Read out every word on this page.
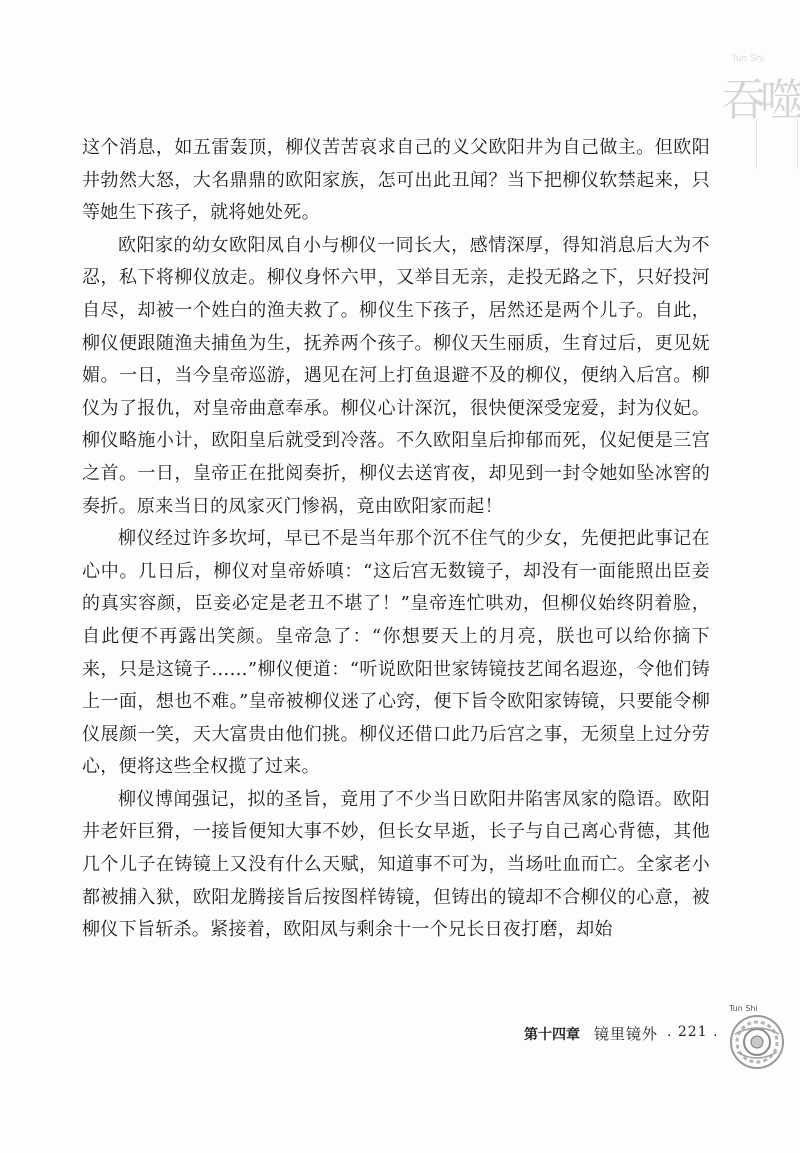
Tun Shi
吞噬

这个消息，如五雷轰顶，柳仪苦苦哀求自己的义父欧阳井为自己做主。但欧阳井勃然大怒，大名鼎鼎的欧阳家族，怎可出此丑闻？当下把柳仪软禁起来，只等她生下孩子，就将她处死。

欧阳家的幼女欧阳凤自小与柳仪一同长大，感情深厚，得知消息后大为不忍，私下将柳仪放走。柳仪身怀六甲，又举目无亲，走投无路之下，只好投河自尽，却被一个姓白的渔夫救了。柳仪生下孩子，居然还是两个儿子。自此，柳仪便跟随渔夫捕鱼为生，抚养两个孩子。柳仪天生丽质，生育过后，更见妩媚。一日，当今皇帝巡游，遇见在河上打鱼退避不及的柳仪，便纳入后宫。柳仪为了报仇，对皇帝曲意奉承。柳仪心计深沉，很快便深受宠爱，封为仪妃。柳仪略施小计，欧阳皇后就受到冷落。不久欧阳皇后抑郁而死，仪妃便是三宫之首。一日，皇帝正在批阅奏折，柳仪去送宵夜，却见到一封令她如坠冰窖的奏折。原来当日的凤家灭门惨祸，竟由欧阳家而起！

柳仪经过许多坎坷，早已不是当年那个沉不住气的少女，先便把此事记在心中。几日后，柳仪对皇帝娇嗔：“这后宫无数镜子，却没有一面能照出臣妾的真实容颜，臣妾必定是老丑不堪了！”皇帝连忙哄劝，但柳仪始终阴着脸，自此便不再露出笑颜。皇帝急了：“你想要天上的月亮，朕也可以给你摘下来，只是这镜子……”柳仪便道：“听说欧阳世家铸镜技艺闻名遐迩，令他们铸上一面，想也不难。”皇帝被柳仪迷了心窍，便下旨令欧阳家铸镜，只要能令柳仪展颜一笑，天大富贵由他们挑。柳仪还借口此乃后宫之事，无须皇上过分劳心，便将这些全权揽了过来。

柳仪博闻强记，拟的圣旨，竟用了不少当日欧阳井陷害凤家的隐语。欧阳井老奸巨猾，一接旨便知大事不妙，但长女早逝，长子与自己离心背德，其他几个儿子在铸镜上又没有什么天赋，知道事不可为，当场吐血而亡。全家老小都被捕入狱，欧阳龙腾接旨后按图样铸镜，但铸出的镜却不合柳仪的心意，被柳仪下旨斩杀。紧接着，欧阳凤与剩余十一个兄长日夜打磨，却始

第十四章 镜里镜外 . 221 .
Tun Shi
